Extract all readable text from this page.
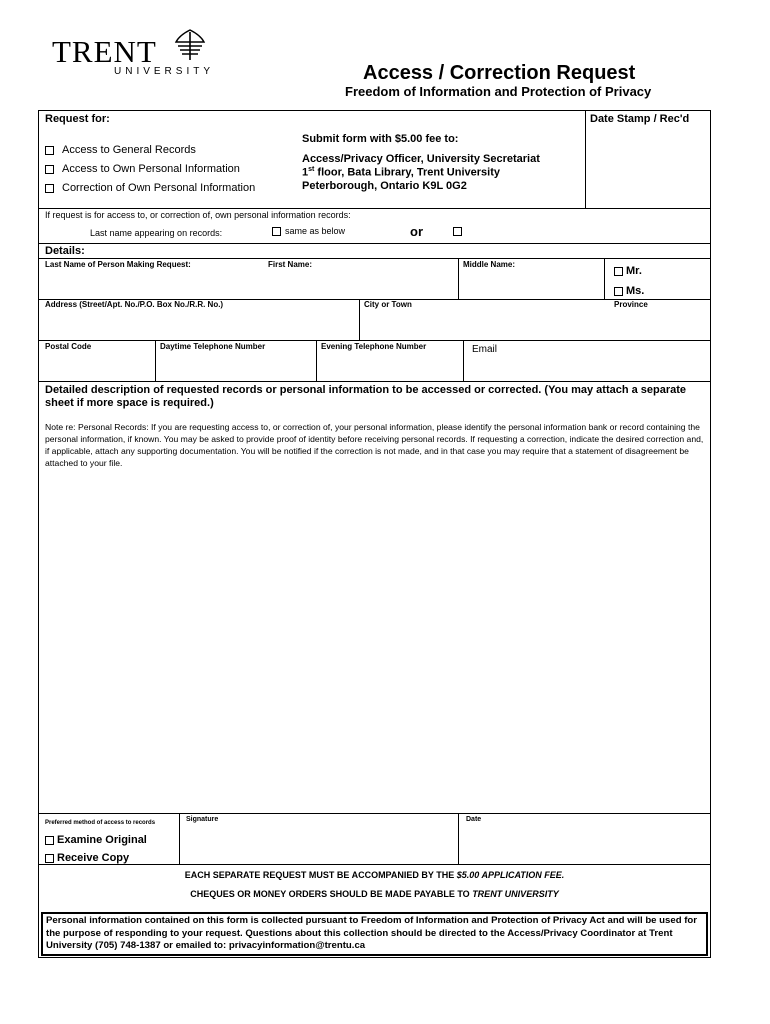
TRENT
UNIVERSITY	Access / Correction Request
Freedom of Information and Protection of Privacy
Request for:	Date Stamp / Rec'd
Access to General Records
Access to Own Personal Information
Correction of Own Personal Information
Submit form with $5.00 fee to:
Access/Privacy Officer, University Secretariat
1st floor, Bata Library, Trent University
Peterborough, Ontario K9L 0G2
If request is for access to, or correction of, own personal information records:
Last name appearing on records:	same as below	or
Details:
Last Name of Person Making Request:	First Name:	Middle Name:
Mr.
Ms.
Address (Street/Apt. No./P.O. Box No./R.R. No.)	City or Town	Province
Postal Code	Daytime Telephone Number	Evening Telephone Number	Email
Detailed description of requested records or personal information to be accessed or corrected. (You may attach a separate sheet if more space is required.)
Note re: Personal Records: If you are requesting access to, or correction of, your personal information, please identify the personal information bank or record containing the personal information, if known. You may be asked to provide proof of identity before receiving personal records. If requesting a correction, indicate the desired correction and, if applicable, attach any supporting documentation. You will be notified if the correction is not made, and in that case you may require that a statement of disagreement be attached to your file.
Preferred method of access to records	Signature	Date
Examine Original
Receive Copy
EACH SEPARATE REQUEST MUST BE ACCOMPANIED BY THE $5.00 APPLICATION FEE.
CHEQUES OR MONEY ORDERS SHOULD BE MADE PAYABLE TO TRENT UNIVERSITY
Personal information contained on this form is collected pursuant to Freedom of Information and Protection of Privacy Act and will be used for the purpose of responding to your request. Questions about this collection should be directed to the Access/Privacy Coordinator at Trent University (705) 748-1387 or emailed to: privacyinformation@trentu.ca
